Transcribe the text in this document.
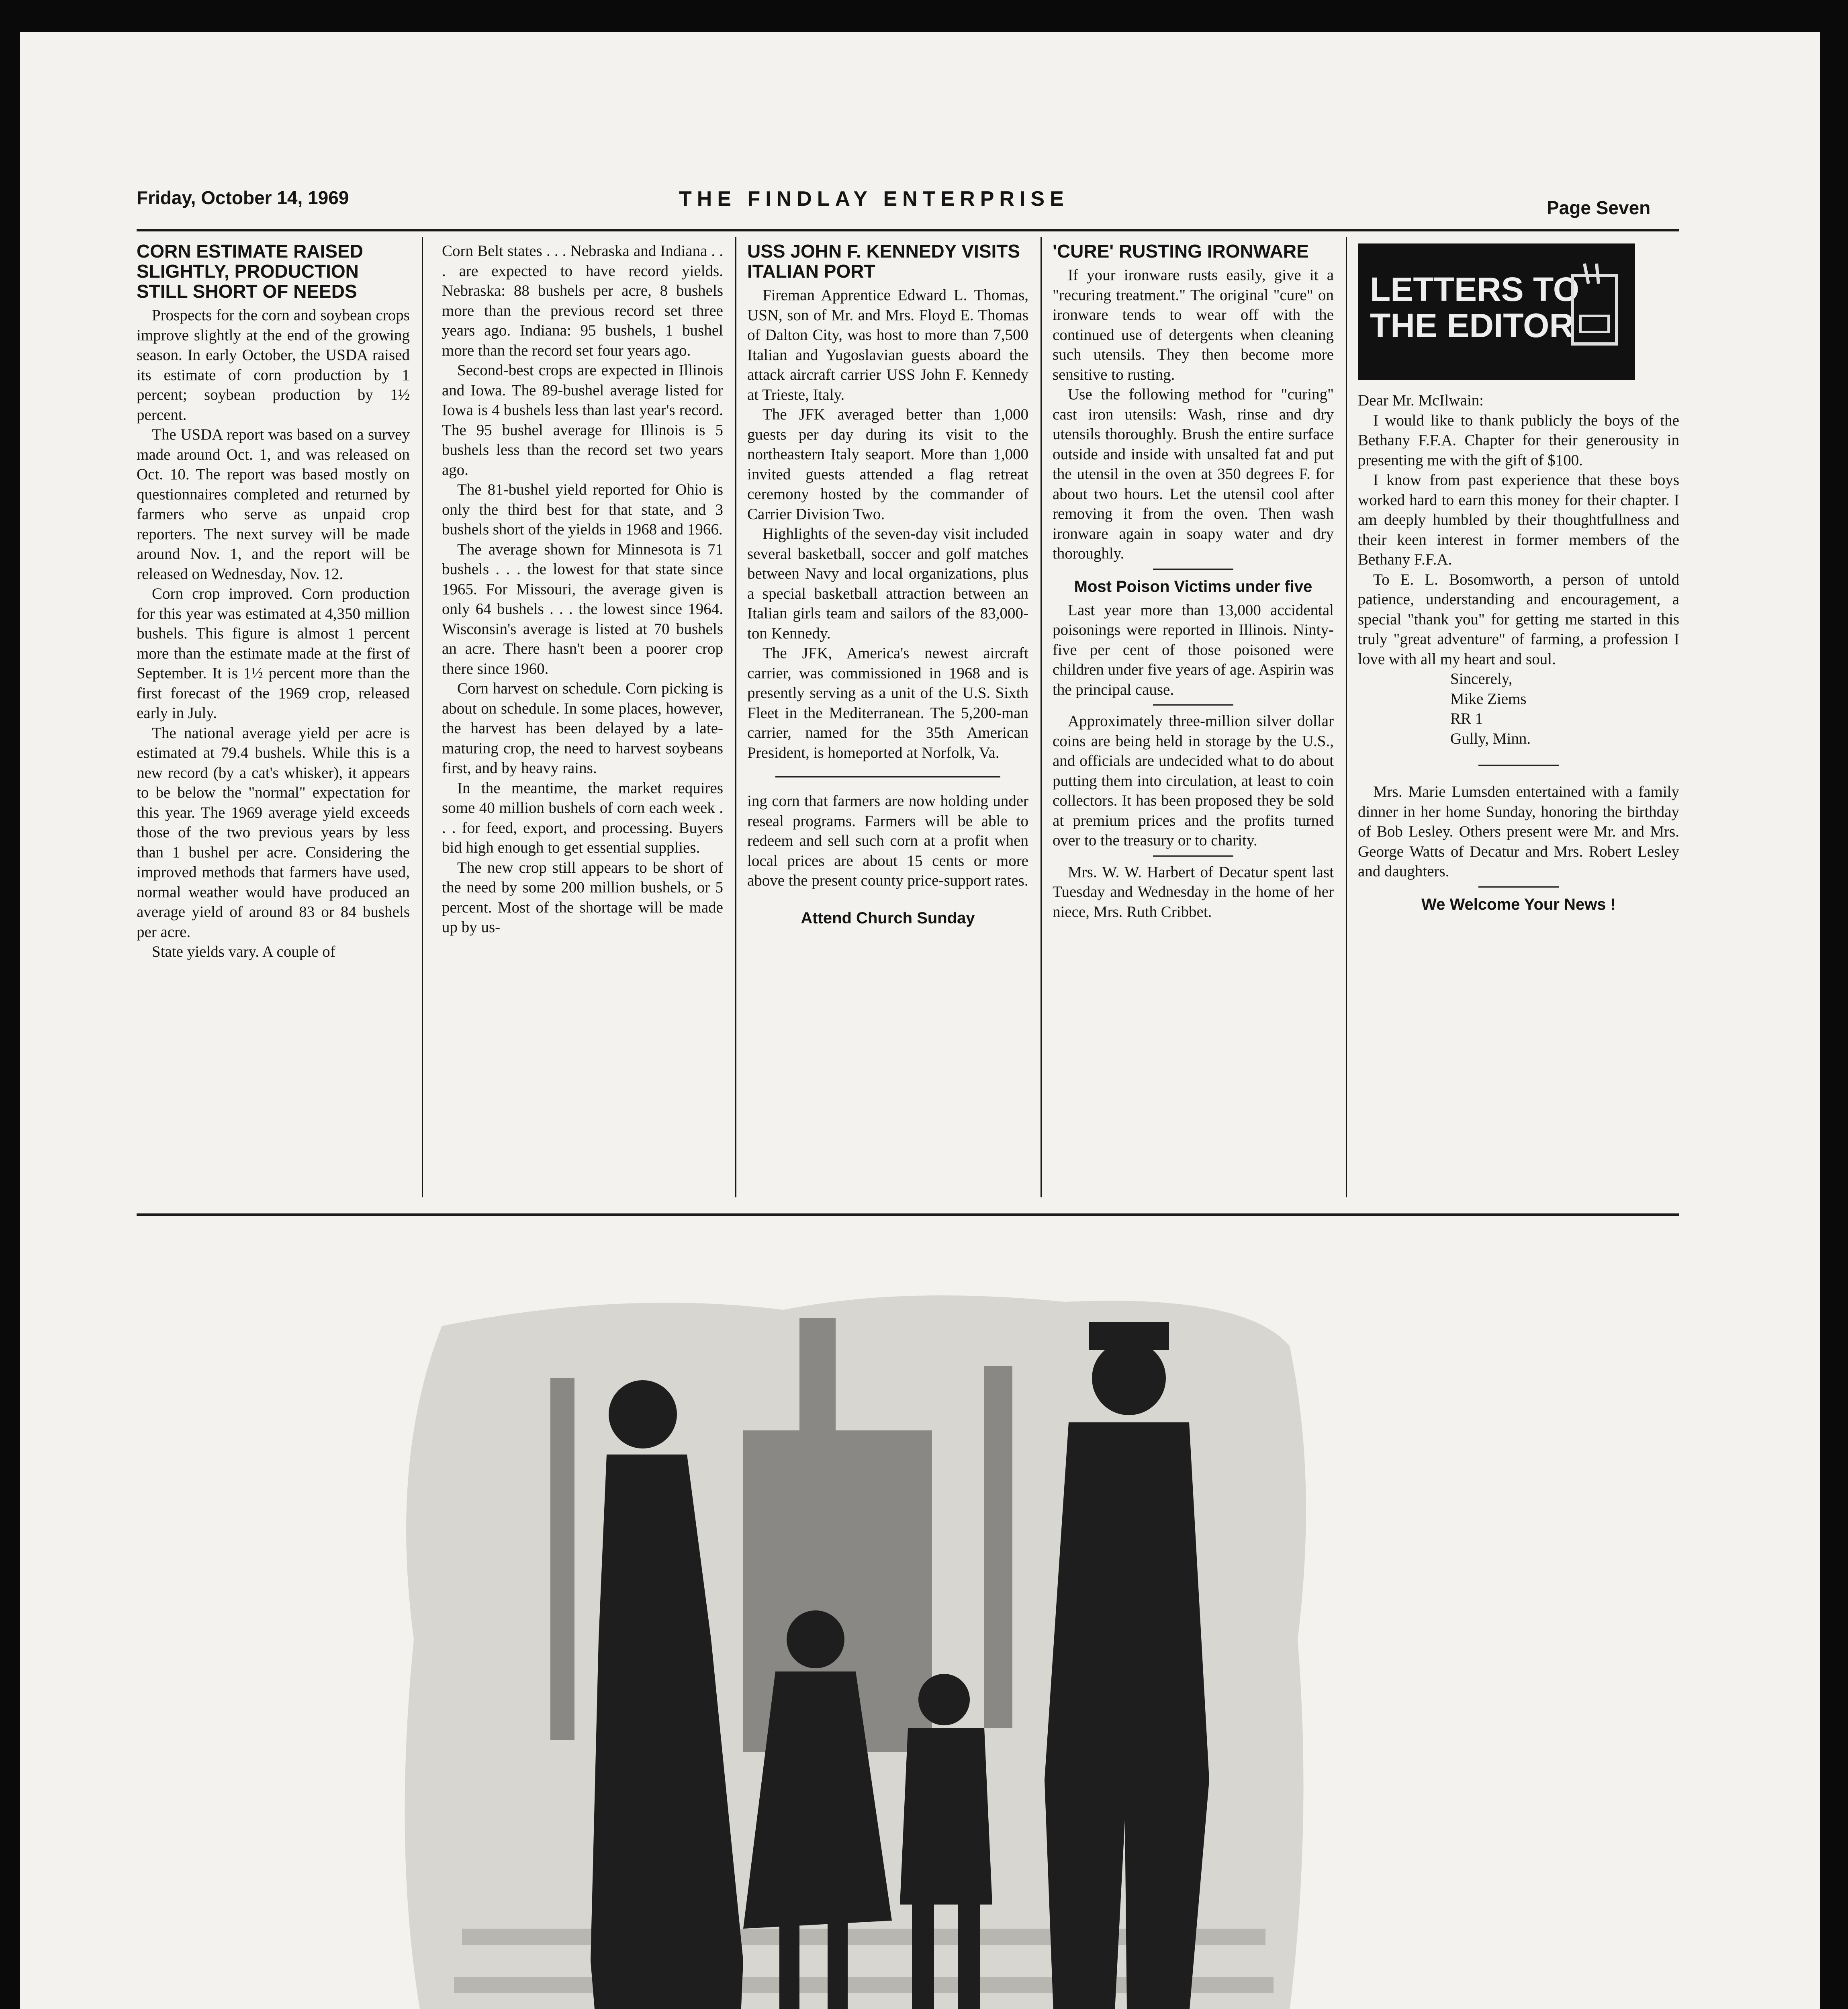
Friday, October 14, 1969	THE FINDLAY ENTERPRISE	Page Seven
CORN ESTIMATE RAISED SLIGHTLY, PRODUCTION STILL SHORT OF NEEDS

Prospects for the corn and soybean crops improve slightly at the end of the growing season. In early October, the USDA raised its estimate of corn production by 1 percent; soybean production by 1½ percent.

The USDA report was based on a survey made around Oct. 1, and was released on Oct. 10. The report was based mostly on questionnaires completed and returned by farmers who serve as unpaid crop reporters. The next survey will be made around Nov. 1, and the report will be released on Wednesday, Nov. 12.

Corn crop improved. Corn production for this year was estimated at 4,350 million bushels. This figure is almost 1 percent more than the estimate made at the first of September. It is 1½ percent more than the first forecast of the 1969 crop, released early in July.

The national average yield per acre is estimated at 79.4 bushels. While this is a new record (by a cat's whisker), it appears to be below the "normal" expectation for this year. The 1969 average yield exceeds those of the two previous years by less than 1 bushel per acre. Considering the improved methods that farmers have used, normal weather would have produced an average yield of around 83 or 84 bushels per acre.

State yields vary. A couple of

Corn Belt states . . . Nebraska and Indiana . . . are expected to have record yields. Nebraska: 88 bushels per acre, 8 bushels more than the previous record set three years ago. Indiana: 95 bushels, 1 bushel more than the record set four years ago.

Second-best crops are expected in Illinois and Iowa. The 89-bushel average listed for Iowa is 4 bushels less than last year's record. The 95 bushel average for Illinois is 5 bushels less than the record set two years ago.

The 81-bushel yield reported for Ohio is only the third best for that state, and 3 bushels short of the yields in 1968 and 1966.

The average shown for Minnesota is 71 bushels . . . the lowest for that state since 1965. For Missouri, the average given is only 64 bushels . . . the lowest since 1964. Wisconsin's average is listed at 70 bushels an acre. There hasn't been a poorer crop there since 1960.

Corn harvest on schedule. Corn picking is about on schedule. In some places, however, the harvest has been delayed by a late-maturing crop, the need to harvest soybeans first, and by heavy rains.

In the meantime, the market requires some 40 million bushels of corn each week . . . for feed, export, and processing. Buyers bid high enough to get essential supplies.

The new crop still appears to be short of the need by some 200 million bushels, or 5 percent. Most of the shortage will be made up by us-

USS JOHN F. KENNEDY VISITS ITALIAN PORT

Fireman Apprentice Edward L. Thomas, USN, son of Mr. and Mrs. Floyd E. Thomas of Dalton City, was host to more than 7,500 Italian and Yugoslavian guests aboard the attack aircraft carrier USS John F. Kennedy at Trieste, Italy.

The JFK averaged better than 1,000 guests per day during its visit to the northeastern Italy seaport. More than 1,000 invited guests attended a flag retreat ceremony hosted by the commander of Carrier Division Two.

Highlights of the seven-day visit included several basketball, soccer and golf matches between Navy and local organizations, plus a special basketball attraction between an Italian girls team and sailors of the 83,000-ton Kennedy.

The JFK, America's newest aircraft carrier, was commissioned in 1968 and is presently serving as a unit of the U.S. Sixth Fleet in the Mediterranean. The 5,200-man carrier, named for the 35th American President, is homeported at Norfolk, Va.

ing corn that farmers are now holding under reseal programs. Farmers will be able to redeem and sell such corn at a profit when local prices are about 15 cents or more above the present county price-support rates.

Attend Church Sunday
'CURE' RUSTING IRONWARE

If your ironware rusts easily, give it a "recuring treatment." The original "cure" on ironware tends to wear off with the continued use of detergents when cleaning such utensils. They then become more sensitive to rusting.

Use the following method for "curing" cast iron utensils: Wash, rinse and dry utensils thoroughly. Brush the entire surface outside and inside with unsalted fat and put the utensil in the oven at 350 degrees F. for about two hours. Let the utensil cool after removing it from the oven. Then wash ironware again in soapy water and dry thoroughly.

Most Poison Victims under five

Last year more than 13,000 accidental poisonings were reported in Illinois. Ninty-five per cent of those poisoned were children under five years of age. Aspirin was the principal cause.

Approximately three-million silver dollar coins are being held in storage by the U.S., and officials are undecided what to do about putting them into circulation, at least to coin collectors. It has been proposed they be sold at premium prices and the profits turned over to the treasury or to charity.

Mrs. W. W. Harbert of Decatur spent last Tuesday and Wednesday in the home of her niece, Mrs. Ruth Cribbet.

LETTERS TO
THE EDITOR

Dear Mr. McIlwain:

I would like to thank publicly the boys of the Bethany F.F.A. Chapter for their generousity in presenting me with the gift of $100.

I know from past experience that these boys worked hard to earn this money for their chapter. I am deeply humbled by their thoughtfullness and their keen interest in former members of the Bethany F.F.A.

To E. L. Bosomworth, a person of untold patience, understanding and encouragement, a special "thank you" for getting me started in this truly "great adventure" of farming, a profession I love with all my heart and soul.

Sincerely,

Mike Ziems

RR 1

Gully, Minn.

Mrs. Marie Lumsden entertained with a family dinner in her home Sunday, honoring the birthday of Bob Lesley. Others present were Mr. and Mrs. George Watts of Decatur and Mrs. Robert Lesley and daughters.

We Welcome Your News !
